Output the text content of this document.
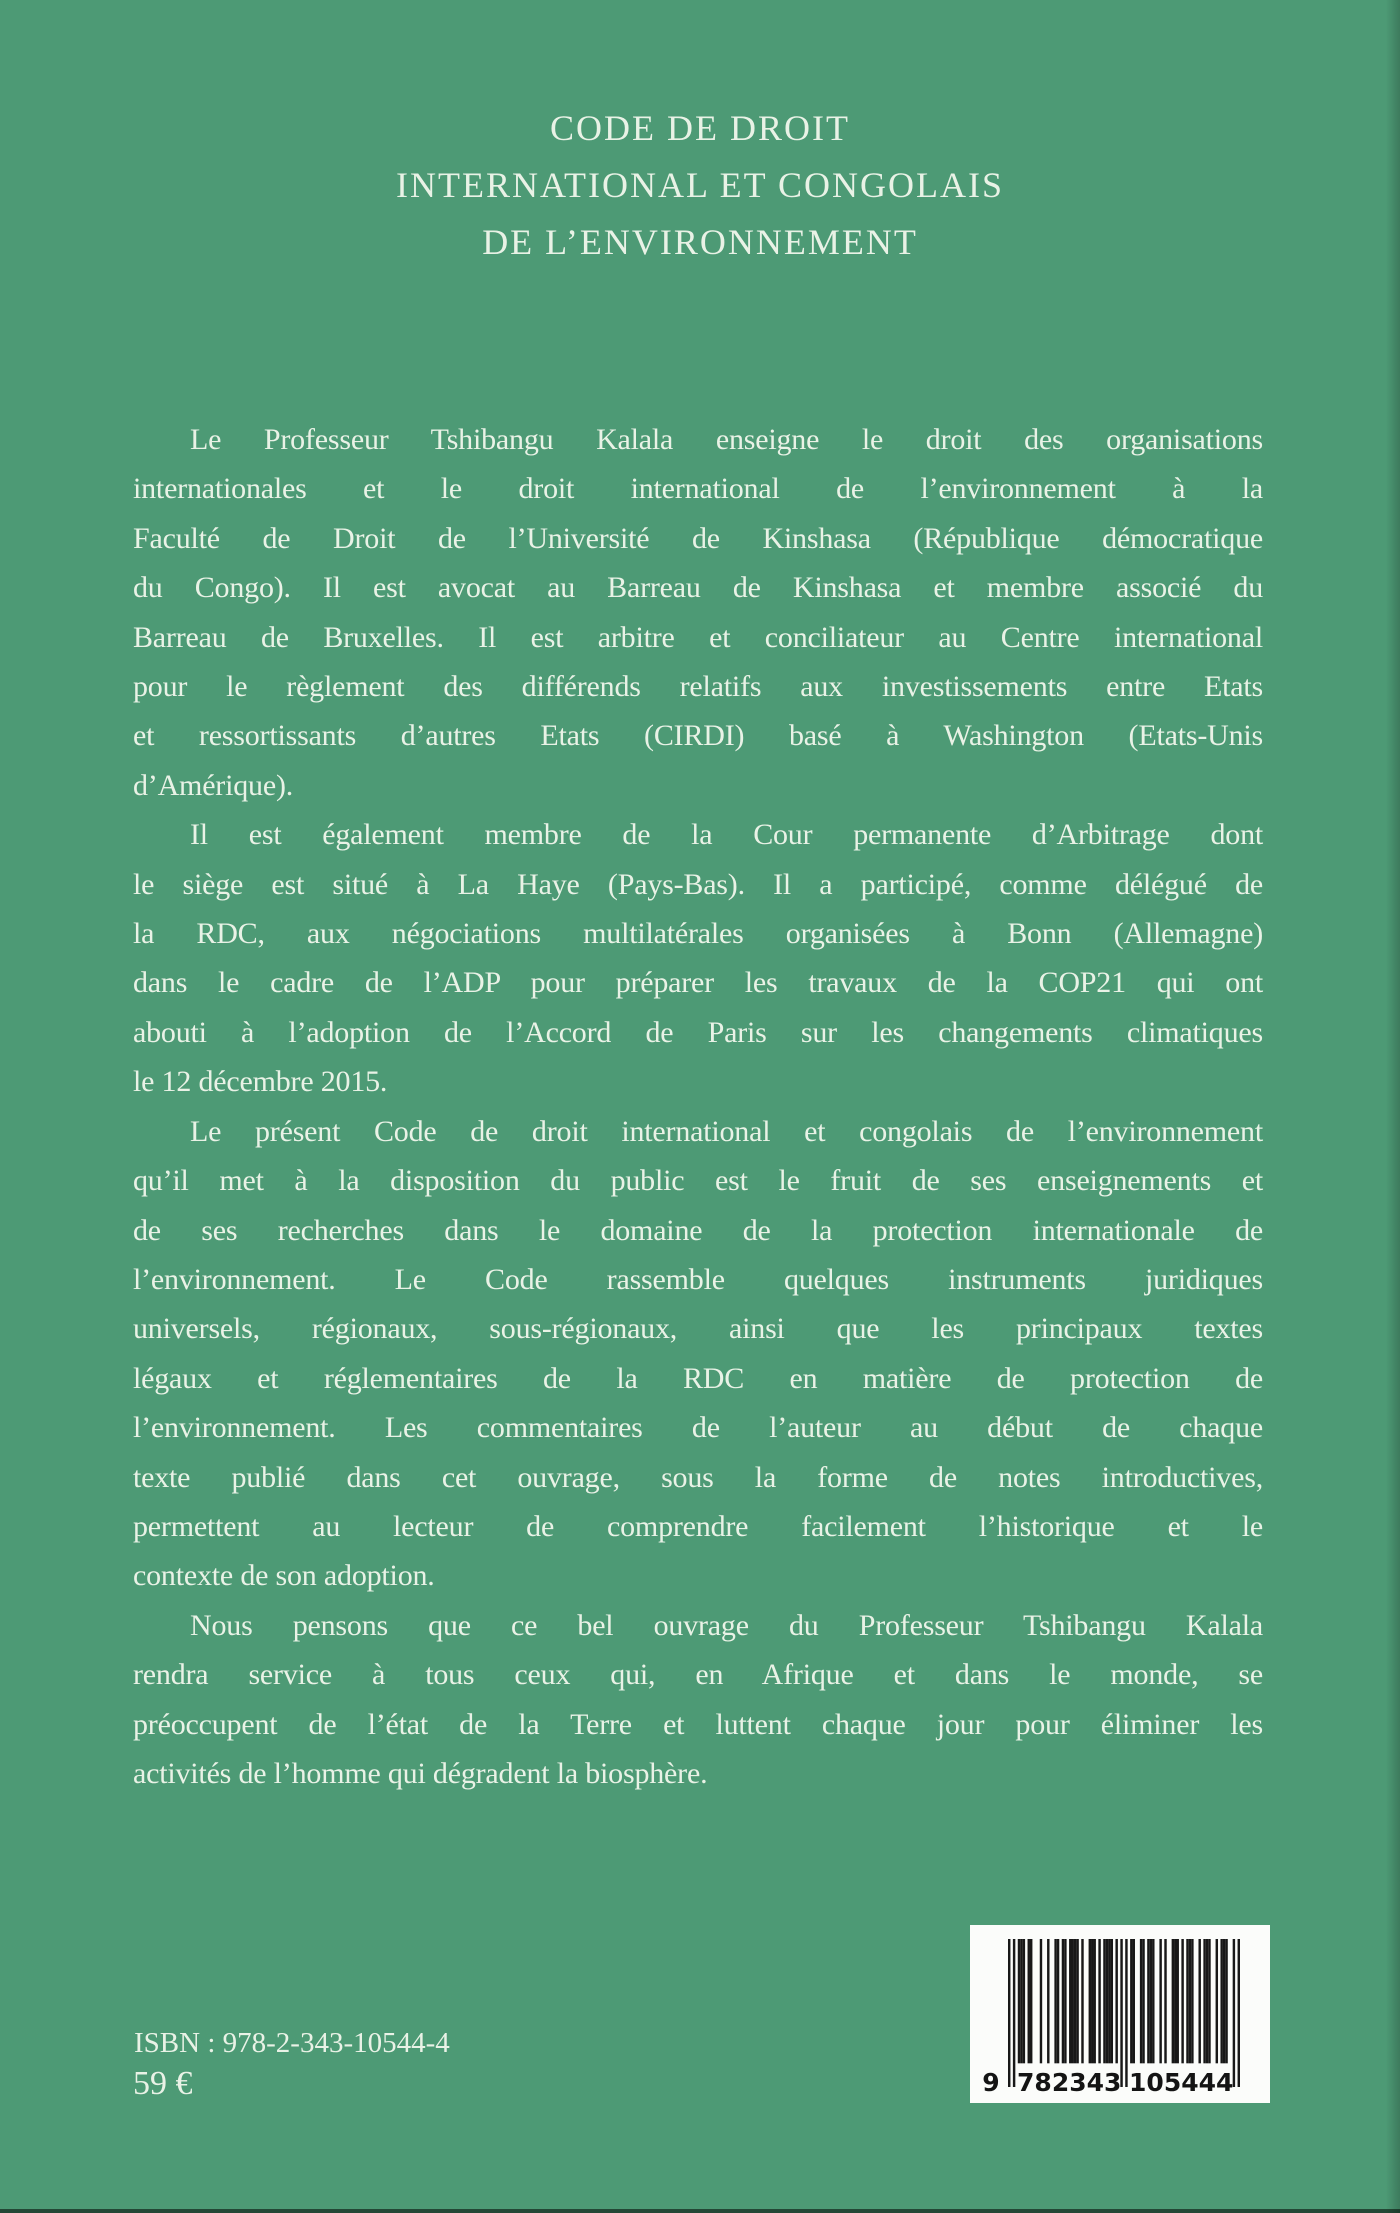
CODE DE DROIT
INTERNATIONAL ET CONGOLAIS
DE L’ENVIRONNEMENT
Le Professeur Tshibangu Kalala enseigne le droit des organisations
internationales et le droit international de l’environnement à la
Faculté de Droit de l’Université de Kinshasa (République démocratique
du Congo). Il est avocat au Barreau de Kinshasa et membre associé du
Barreau de Bruxelles. Il est arbitre et conciliateur au Centre international
pour le règlement des différends relatifs aux investissements entre Etats
et ressortissants d’autres Etats (CIRDI) basé à Washington (Etats-Unis
d’Amérique).
Il est également membre de la Cour permanente d’Arbitrage dont
le siège est situé à La Haye (Pays-Bas). Il a participé, comme délégué de
la RDC, aux négociations multilatérales organisées à Bonn (Allemagne)
dans le cadre de l’ADP pour préparer les travaux de la COP21 qui ont
abouti à l’adoption de l’Accord de Paris sur les changements climatiques
le 12 décembre 2015.
Le présent Code de droit international et congolais de l’environnement
qu’il met à la disposition du public est le fruit de ses enseignements et
de ses recherches dans le domaine de la protection internationale de
l’environnement. Le Code rassemble quelques instruments juridiques
universels, régionaux, sous-régionaux, ainsi que les principaux textes
légaux et réglementaires de la RDC en matière de protection de
l’environnement. Les commentaires de l’auteur au début de chaque
texte publié dans cet ouvrage, sous la forme de notes introductives,
permettent au lecteur de comprendre facilement l’historique et le
contexte de son adoption.
Nous pensons que ce bel ouvrage du Professeur Tshibangu Kalala
rendra service à tous ceux qui, en Afrique et dans le monde, se
préoccupent de l’état de la Terre et luttent chaque jour pour éliminer les
activités de l’homme qui dégradent la biosphère.
ISBN : 978-2-343-10544-4
59 €	9 7 8 2 3 4 3 1 0 5 4 4 4
